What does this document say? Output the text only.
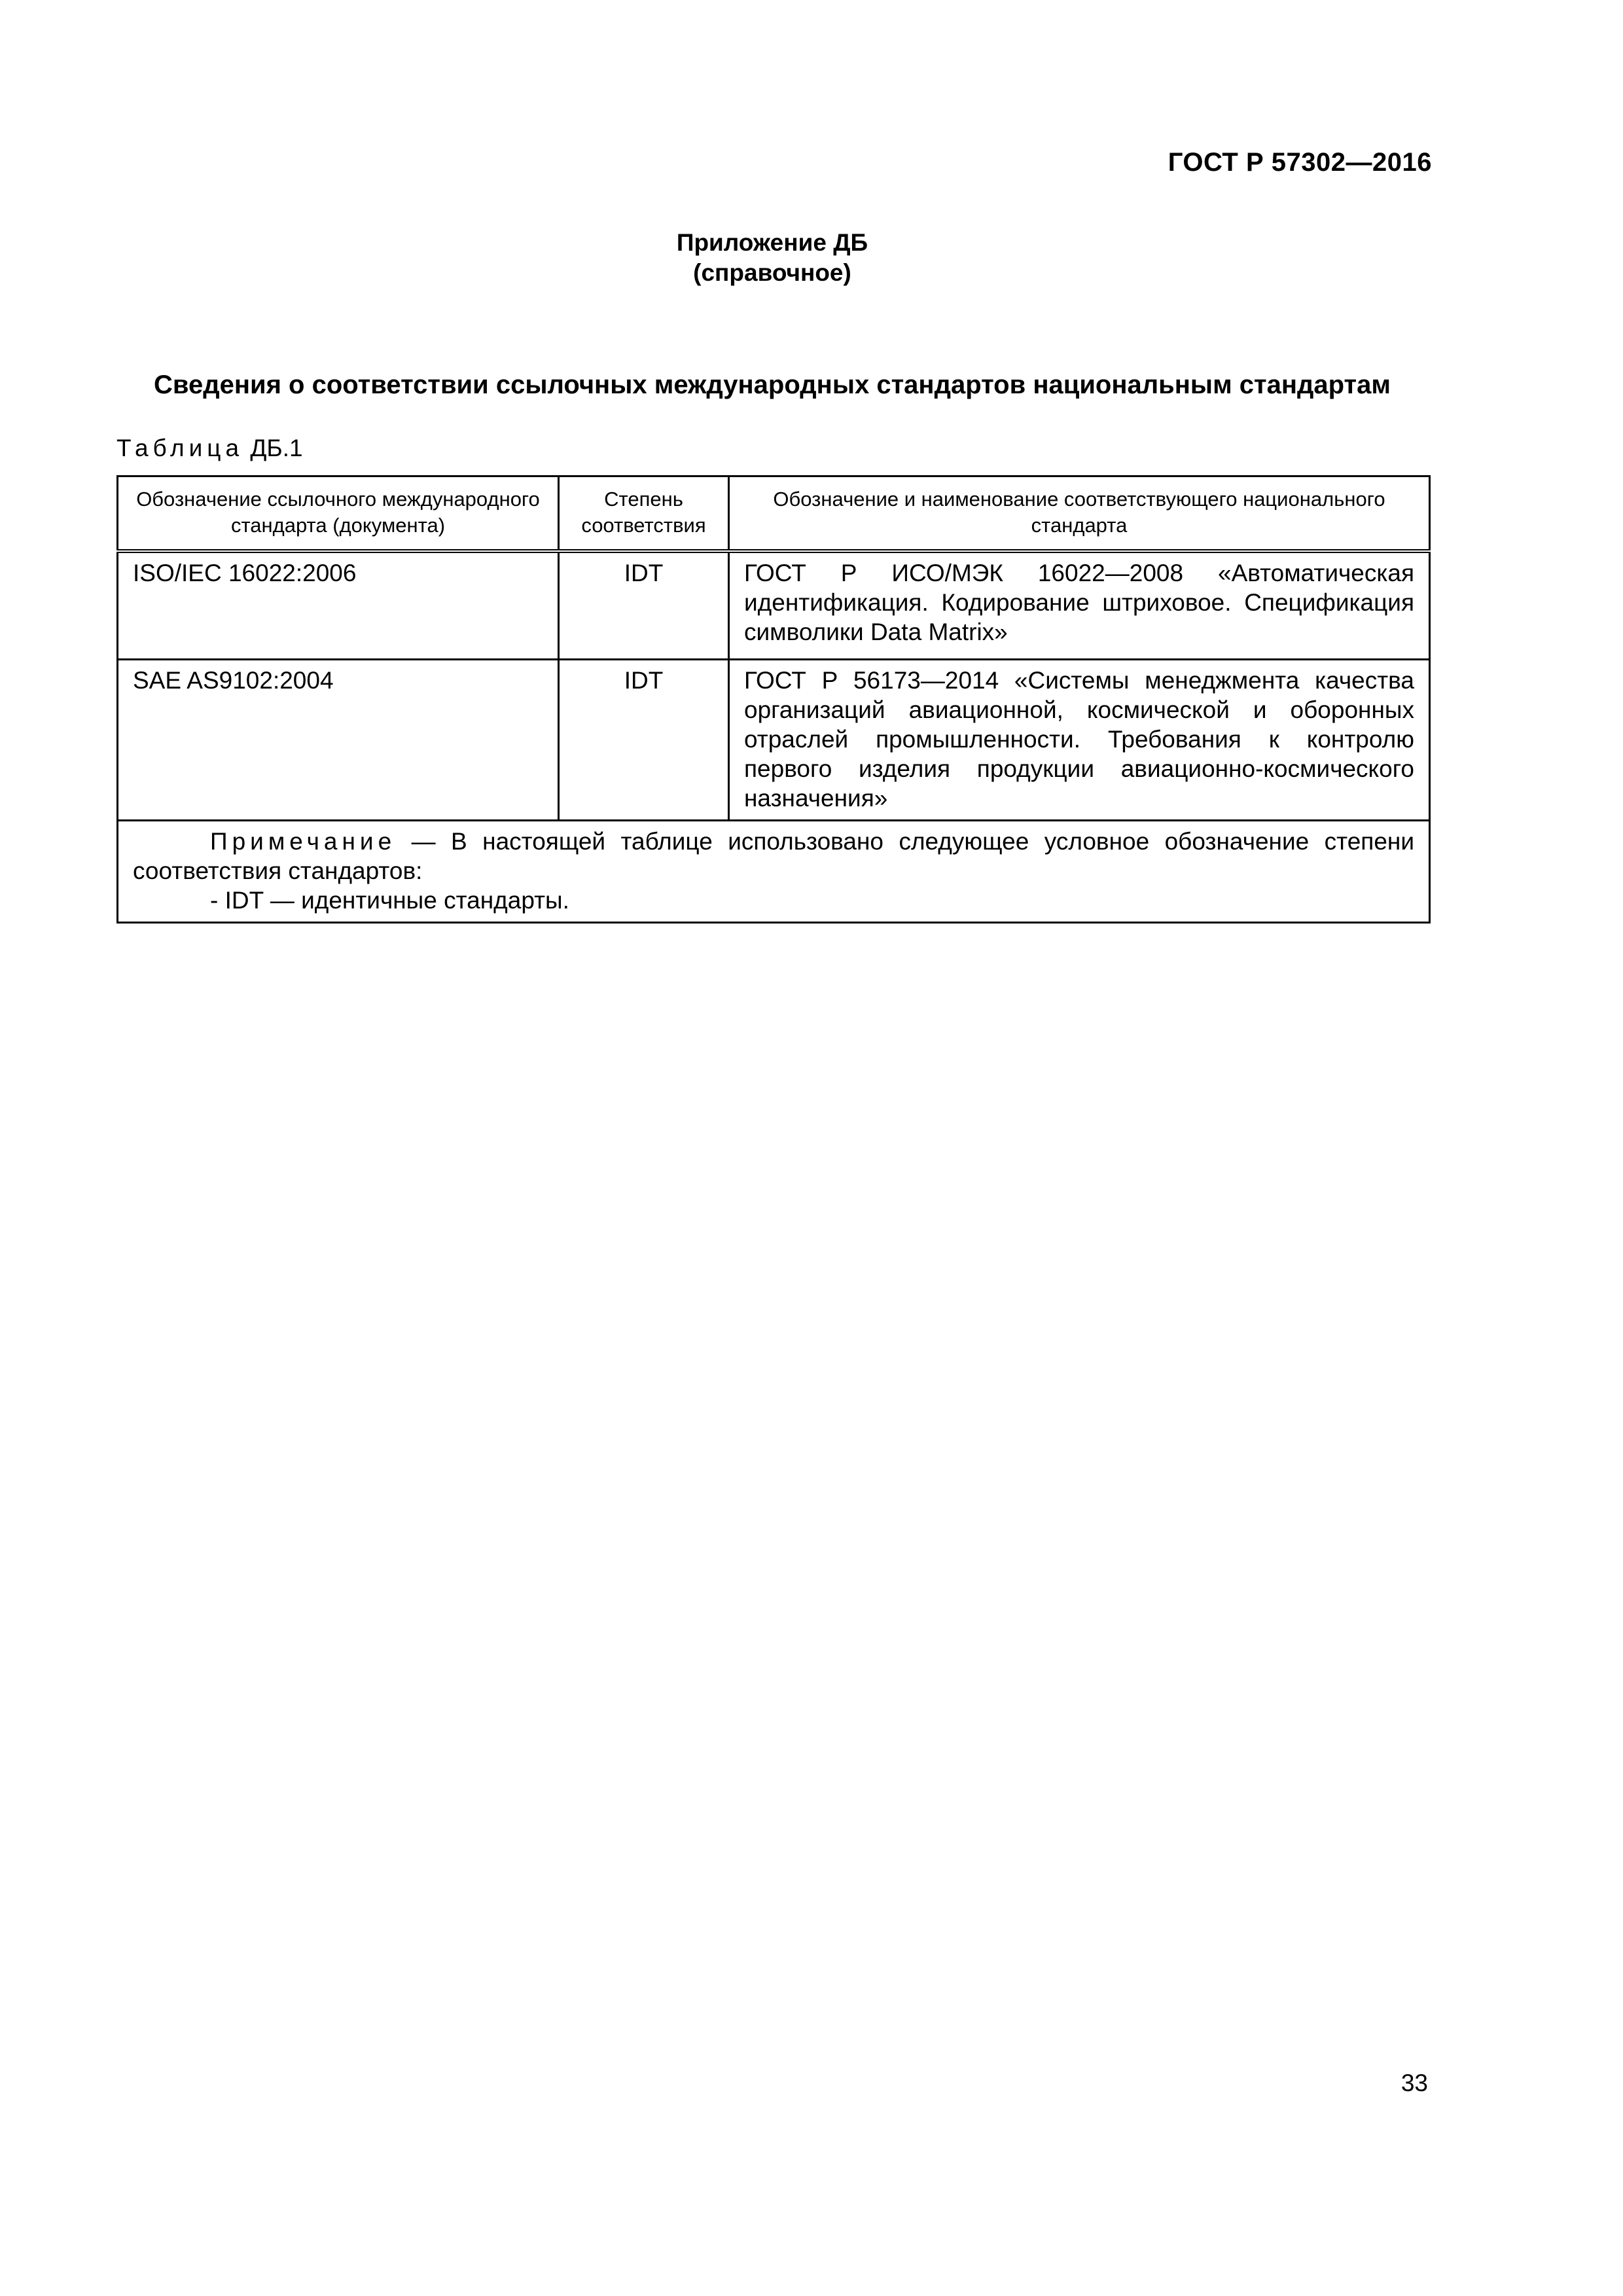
ГОСТ Р 57302—2016
Приложение ДБ
(справочное)
Сведения о соответствии ссылочных международных стандартов национальным стандартам
Таблица ДБ.1
Обозначение ссылочного международного стандарта (документа)	Степень соответствия	Обозначение и наименование соответствующего национального стандарта
ISO/IEC 16022:2006	IDT	ГОСТ Р ИСО/МЭК 16022—2008 «Автоматическая идентификация. Кодирование штриховое. Спецификация символики Data Matrix»
SAE AS9102:2004	IDT	ГОСТ Р 56173—2014 «Системы менеджмента качества организаций авиационной, космической и оборонных отраслей промышленности. Требования к контролю первого изделия продукции авиационно-космического назначения»

Примечание — В настоящей таблице использовано следующее условное обозначение степени соответствия стандартов:
- IDT — идентичные стандарты.		
33
